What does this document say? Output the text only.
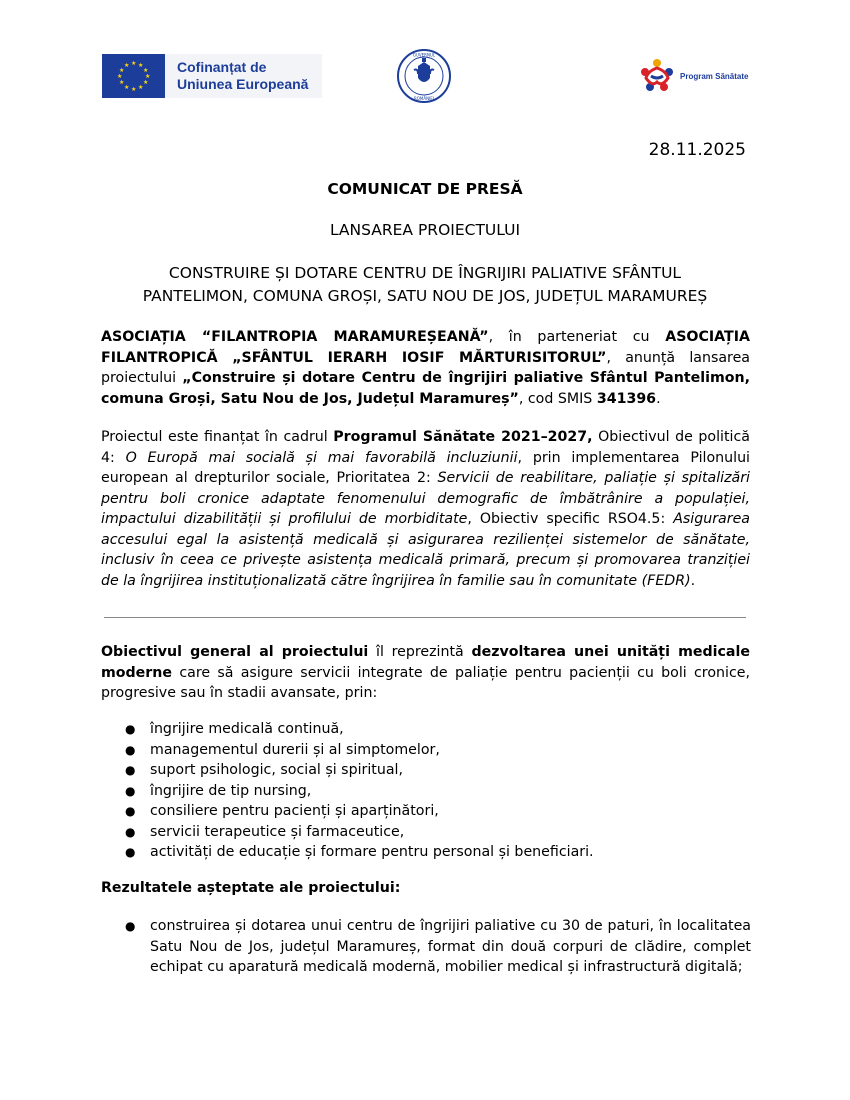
★ ★
★
★
★
★
★
★
★
★
★
★	Cofinanțat de
Uniunea Europeană
GUVERNUL
ROMÂNIEI
Program Sănătate
28.11.2025
COMUNICAT DE PRESĂ
LANSAREA PROIECTULUI
CONSTRUIRE ȘI DOTARE CENTRU DE ÎNGRIJIRI PALIATIVE SFÂNTUL
PANTELIMON, COMUNA GROȘI, SATU NOU DE JOS, JUDEȚUL MARAMUREȘ

ASOCIAȚIA “FILANTROPIA MARAMUREȘEANĂ”, în parteneriat cu ASOCIAȚIA FILANTROPICĂ „SFÂNTUL IERARH IOSIF MĂRTURISITORUL”, anunță lansarea proiectului „Construire și dotare Centru de îngrijiri paliative Sfântul Pantelimon, comuna Groși, Satu Nou de Jos, Județul Maramureș”, cod SMIS 341396.

Proiectul este finanțat în cadrul Programul Sănătate 2021–2027, Obiectivul de politică 4: O Europă mai socială și mai favorabilă incluziunii, prin implementarea Pilonului european al drepturilor sociale, Prioritatea 2: Servicii de reabilitare, paliație și spitalizări pentru boli cronice adaptate fenomenului demografic de îmbătrânire a populației, impactului dizabilității și profilului de morbiditate, Obiectiv specific RSO4.5: Asigurarea accesului egal la asistență medicală și asigurarea rezilienței sistemelor de sănătate, inclusiv în ceea ce privește asistența medicală primară, precum și promovarea tranziției de la îngrijirea instituționalizată către îngrijirea în familie sau în comunitate (FEDR).

Obiectivul general al proiectului îl reprezintă dezvoltarea unei unități medicale moderne care să asigure servicii integrate de paliație pentru pacienții cu boli cronice, progresive sau în stadii avansate, prin:

● îngrijire medicală continuă,
● managementul durerii și al simptomelor,
● suport psihologic, social și spiritual,
● îngrijire de tip nursing,
● consiliere pentru pacienți și aparținători,
● servicii terapeutice și farmaceutice,
● activități de educație și formare pentru personal și beneficiari.
Rezultatele așteptate ale proiectului:
● construirea și dotarea unui centru de îngrijiri paliative cu 30 de paturi, în localitatea Satu Nou de Jos, județul Maramureș, format din două corpuri de clădire, complet echipat cu aparatură medicală modernă, mobilier medical și infrastructură digitală;
